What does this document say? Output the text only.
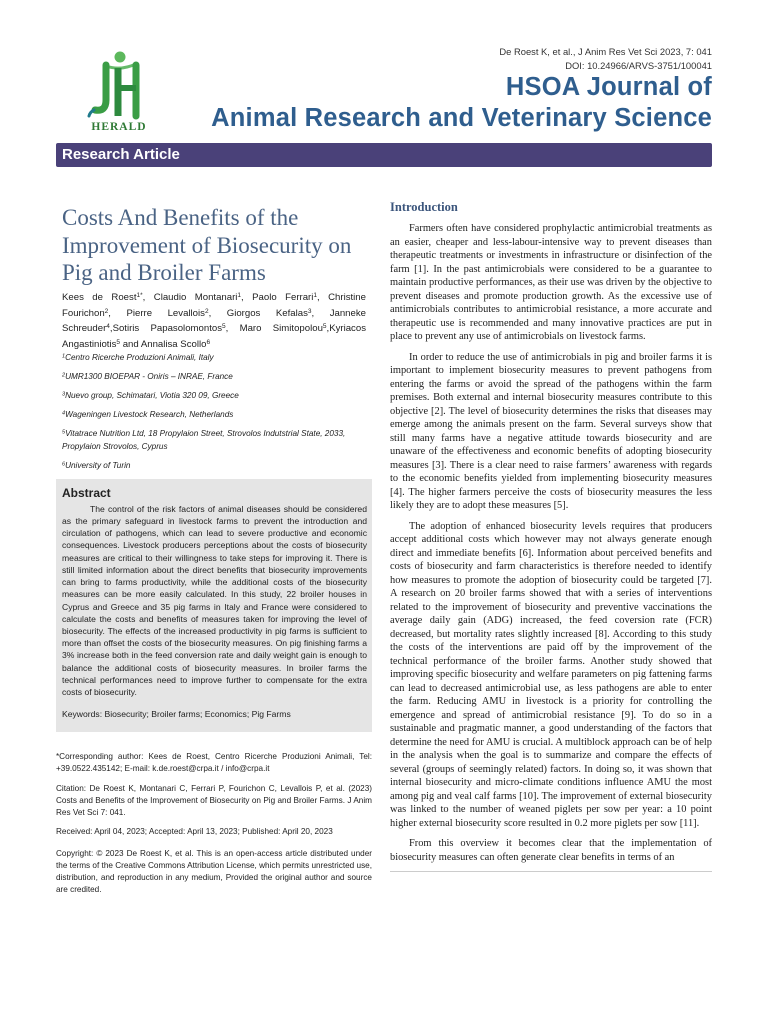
HERALD
De Roest K, et al., J Anim Res Vet Sci 2023, 7: 041
DOI: 10.24966/ARVS-3751/100041
HSOA Journal of
Animal Research and Veterinary Science
Research Article
Costs And Benefits of the Improvement of Biosecurity on Pig and Broiler Farms

Kees de Roest$^{1*}$, Claudio Montanari$^1$, Paolo Ferrari$^1$, Christine Fourichon$^2$, Pierre Levallois$^2$, Giorgos Kefalas$^3$, Janneke Schreuder$^4$,Sotiris Papasolomontos$^5$, Maro Simitopolou$^5$,Kyriacos Angastiniotis$^5$ and Annalisa Scollo$^6$

$^1$Centro Ricerche Produzioni Animali, Italy
$^2$UMR1300 BIOEPAR - Oniris – INRAE, France
$^3$Nuevo group, Schimatari, Viotia 320 09, Greece
$^4$Wageningen Livestock Research, Netherlands
$^5$Vitatrace Nutrition Ltd, 18 Propylaion Street, Strovolos Indutstrial State, 2033, Propylaion Strovolos, Cyprus
$^6$University of Turin
Abstract

The control of the risk factors of animal diseases should be considered as the primary safeguard in livestock farms to prevent the introduction and circulation of pathogens, which can lead to severe productive and economic consequences. Livestock producers perceptions about the costs of biosecurity measures are critical to their willingness to take steps for improving it. There is still limited information about the direct benefits that biosecurity improvements can bring to farms productivity, while the additional costs of the biosecurity measures can be more easily calculated. In this study, 22 broiler houses in Cyprus and Greece and 35 pig farms in Italy and France were considered to calculate the costs and benefits of measures taken for improving the level of biosecurity. The effects of the increased productivity in pig farms is sufficient to more than offset the costs of the biosecurity measures. On pig finishing farms a 3% increase both in the feed conversion rate and daily weight gain is enough to balance the additional costs of biosecurity measures. In broiler farms the technical performances need to improve further to compensate for the extra costs of biosecurity.

Keywords: Biosecurity; Broiler farms; Economics; Pig Farms

*Corresponding author: Kees de Roest, Centro Ricerche Produzioni Animali, Tel: +39.0522.435142; E-mail: k.de.roest@crpa.it / info@crpa.it

Citation: De Roest K, Montanari C, Ferrari P, Fourichon C, Levallois P, et al. (2023) Costs and Benefits of the Improvement of Biosecurity on Pig and Broiler Farms. J Anim Res Vet Sci 7: 041.

Received: April 04, 2023; Accepted: April 13, 2023; Published: April 20, 2023

Copyright: © 2023 De Roest K, et al. This is an open-access article distributed under the terms of the Creative Commons Attribution License, which permits unrestricted use, distribution, and reproduction in any medium, Provided the original author and source are credited.

Introduction

Farmers often have considered prophylactic antimicrobial treatments as an easier, cheaper and less-labour-intensive way to prevent diseases than therapeutic treatments or investments in infrastructure or disinfection of the farm [1]. In the past antimicrobials were considered to be a guarantee to maintain productive performances, as their use was driven by the objective to prevent diseases and promote production growth. As the excessive use of antimicrobials contributes to antimicrobial resistance, a more accurate and therapeutic use is recommended and many innovative practices are put in place to prevent any use of antimicrobials on livestock farms.

In order to reduce the use of antimicrobials in pig and broiler farms it is important to implement biosecurity measures to prevent pathogens from entering the farms or avoid the spread of the pathogens within the farm premises. Both external and internal biosecurity measures contribute to this objective [2]. The level of biosecurity determines the risks that diseases may emerge among the animals present on the farm. Several surveys show that still many farms have a negative attitude towards biosecurity and are unaware of the effectiveness and economic benefits of adopting biosecurity measures [3]. There is a clear need to raise farmers’ awareness with regards to the economic benefits yielded from implementing biosecurity measures [4]. The higher farmers perceive the costs of biosecurity measures the less likely they are to adopt these measures [5].

The adoption of enhanced biosecurity levels requires that producers accept additional costs which however may not always generate enough direct and immediate benefits [6]. Information about perceived benefits and costs of biosecurity and farm characteristics is therefore needed to identify how measures to promote the adoption of biosecurity could be targeted [7]. A research on 20 broiler farms showed that with a series of interventions related to the improvement of biosecurity and preventive vaccinations the average daily gain (ADG) increased, the feed coversion rate (FCR) decreased, but mortality rates slightly increased [8]. According to this study the costs of the interventions are paid off by the improvement of the technical performance of the broiler farms. Another study showed that improving specific biosecurity and welfare parameters on pig fattening farms can lead to decreased antimicrobial use, as less pathogens are able to enter the farm. Reducing AMU in livestock is a priority for controlling the emergence and spread of antimicrobial resistance [9]. To do so in a sustainable and pragmatic manner, a good understanding of the factors that determine the need for AMU is crucial. A multiblock approach can be of help in the analysis when the goal is to summarize and compare the effects of several (groups of seemingly related) factors. In doing so, it was shown that internal biosecurity and micro-climate conditions influence AMU the most among pig and veal calf farms [10]. The improvement of external biosecurity was linked to the number of weaned piglets per sow per year: a 10 point higher external biosecurity score resulted in 0.2 more piglets per sow [11].

From this overview it becomes clear that the implementation of biosecurity measures can often generate clear benefits in terms of an
